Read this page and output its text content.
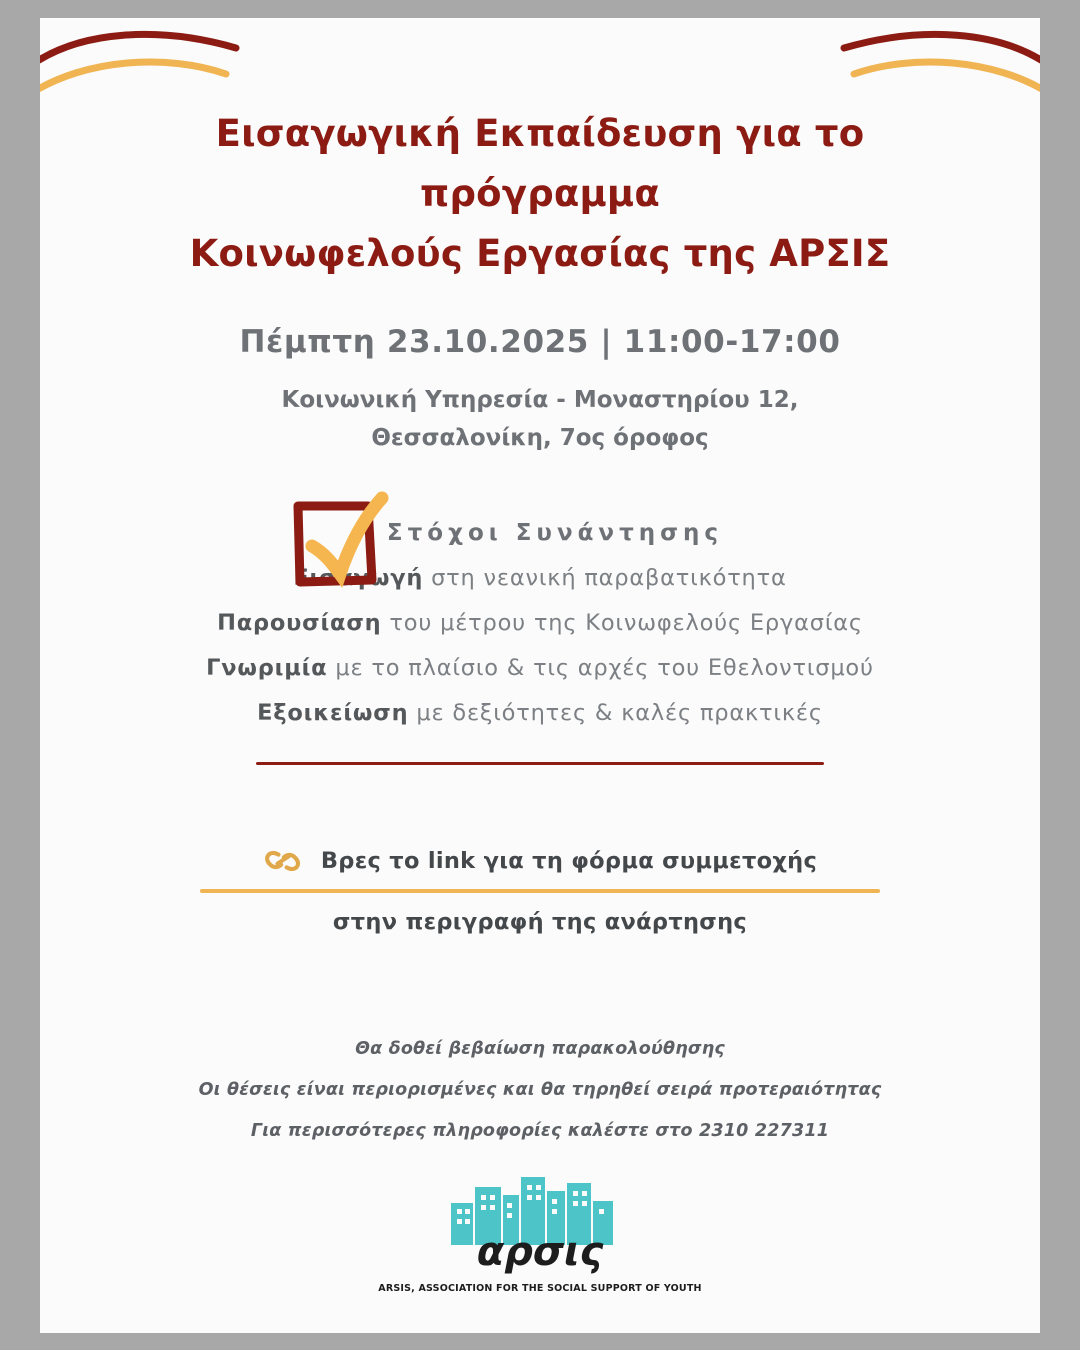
Εισαγωγική Εκπαίδευση για το πρόγραμμα
Κοινωφελούς Εργασίας της ΑΡΣΙΣ
Πέμπτη 23.10.2025 | 11:00-17:00
Κοινωνική Υπηρεσία - Μοναστηρίου 12,
Θεσσαλονίκη, 7ος όροφος
Στόχοι Συνάντησης
Εισαγωγή στη νεανική παραβατικότητα
Παρουσίαση του μέτρου της Κοινωφελούς Εργασίας
Γνωριμία με το πλαίσιο & τις αρχές του Εθελοντισμού
Εξοικείωση με δεξιότητες & καλές πρακτικές
Βρες το link για τη φόρμα συμμετοχής
στην περιγραφή της ανάρτησης
Θα δοθεί βεβαίωση παρακολούθησης
Οι θέσεις είναι περιορισμένες και θα τηρηθεί σειρά προτεραιότητας
Για περισσότερες πληροφορίες καλέστε στο 2310 227311
αρσις
ARSIS, ASSOCIATION FOR THE SOCIAL SUPPORT OF YOUTH
